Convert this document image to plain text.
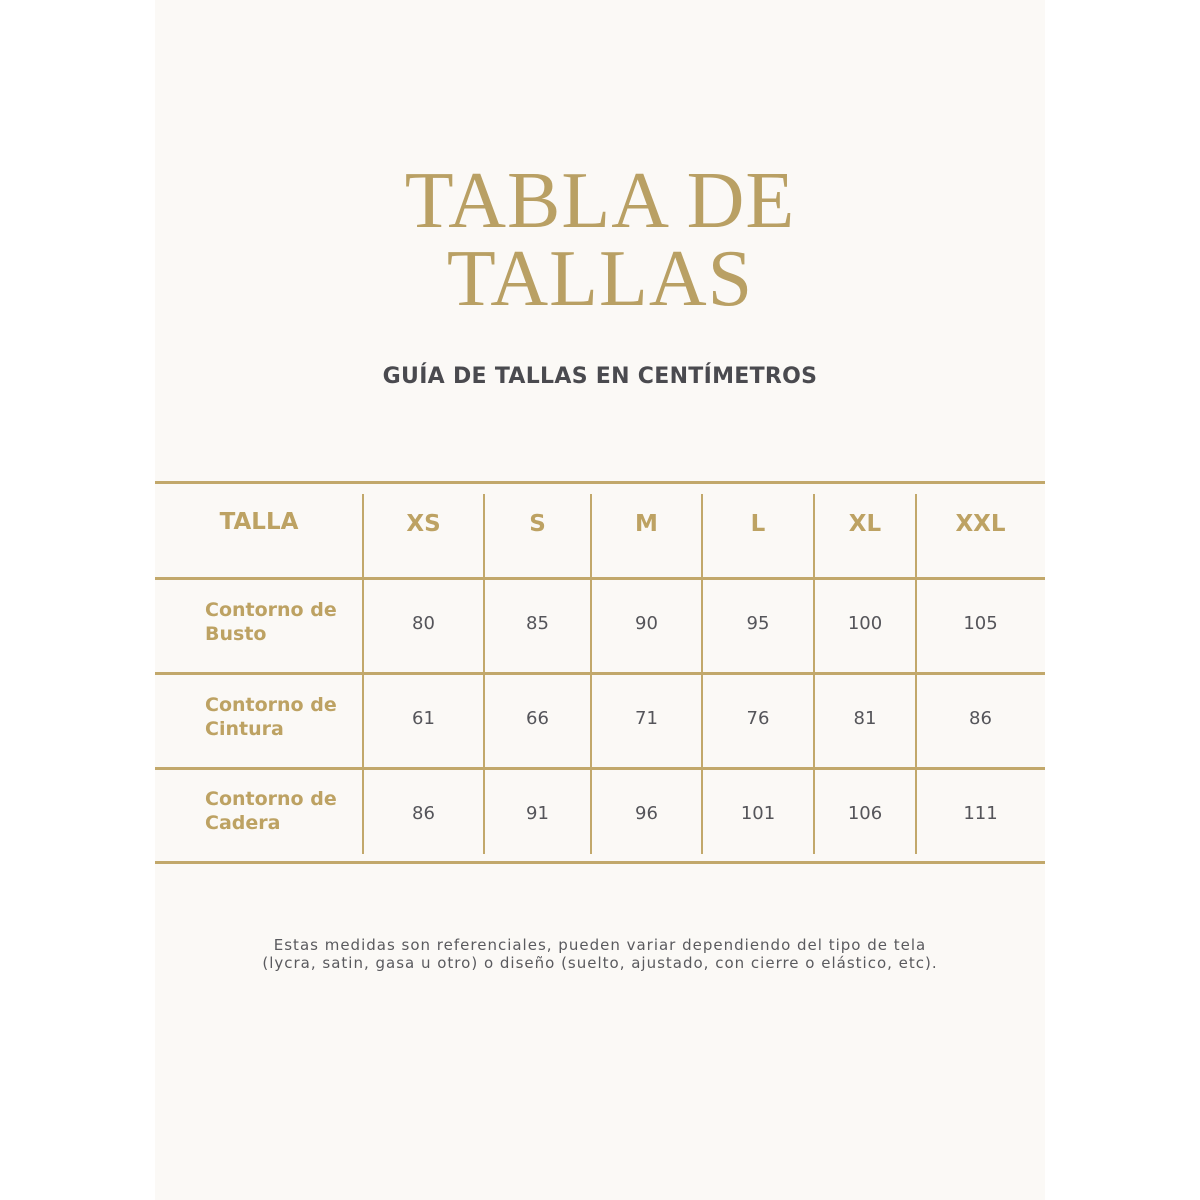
TABLA DE
TALLAS
GUÍA DE TALLAS EN CENTÍMETROS
TALLA	XS	S	M	L	XL	XXL
Contorno de
Busto	80	85	90	95	100	105
Contorno de
Cintura	61	66	71	76	81	86
Contorno de
Cadera	86	91	96	101	106	111
Estas medidas son referenciales, pueden variar dependiendo del tipo de tela
(lycra, satin, gasa u otro) o diseño (suelto, ajustado, con cierre o elástico, etc).
